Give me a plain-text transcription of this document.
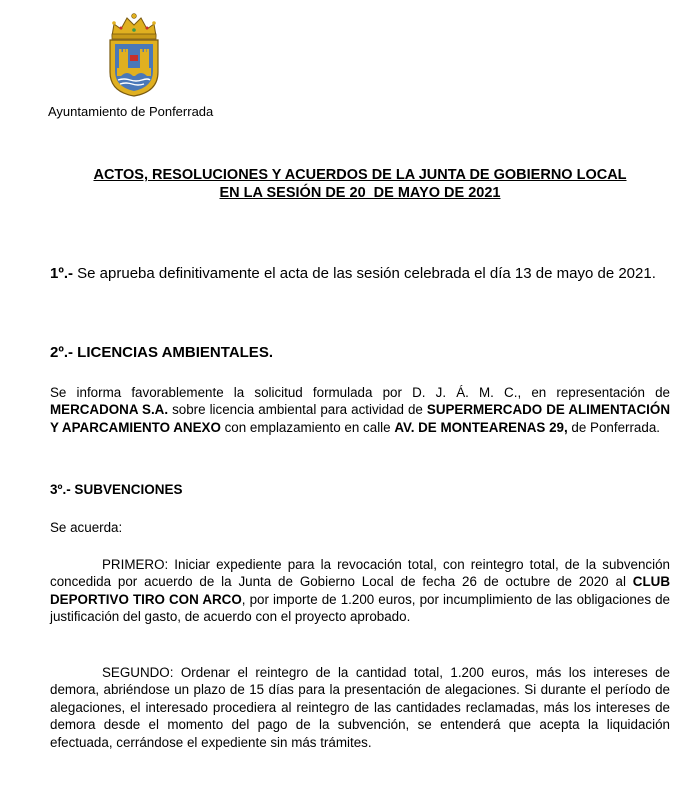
Ayuntamiento de Ponferrada
ACTOS, RESOLUCIONES Y ACUERDOS DE LA JUNTA DE GOBIERNO LOCAL
EN LA SESIÓN DE 20  DE MAYO DE 2021
1º.- Se aprueba definitivamente el acta de las sesión celebrada el día 13 de mayo de 2021.
2º.- LICENCIAS AMBIENTALES.
Se informa favorablemente la solicitud formulada por D. J. Á. M. C., en representación de MERCADONA S.A. sobre licencia ambiental para actividad de SUPERMERCADO DE ALIMENTACIÓN Y APARCAMIENTO ANEXO con emplazamiento en calle AV. DE MONTEARENAS 29, de Ponferrada.
3º.- SUBVENCIONES
Se acuerda:
PRIMERO: Iniciar expediente para la revocación total, con reintegro total, de la subvención concedida por acuerdo de la Junta de Gobierno Local de fecha 26 de octubre de 2020 al CLUB DEPORTIVO TIRO CON ARCO, por importe de 1.200 euros, por incumplimiento de las obligaciones de justificación del gasto, de acuerdo con el proyecto aprobado.
SEGUNDO: Ordenar el reintegro de la cantidad total, 1.200 euros, más los intereses de demora, abriéndose un plazo de 15 días para la presentación de alegaciones. Si durante el período de alegaciones, el interesado procediera al reintegro de las cantidades reclamadas, más los intereses de demora desde el momento del pago de la subvención, se entenderá que acepta la liquidación efectuada, cerrándose el expediente sin más trámites.
